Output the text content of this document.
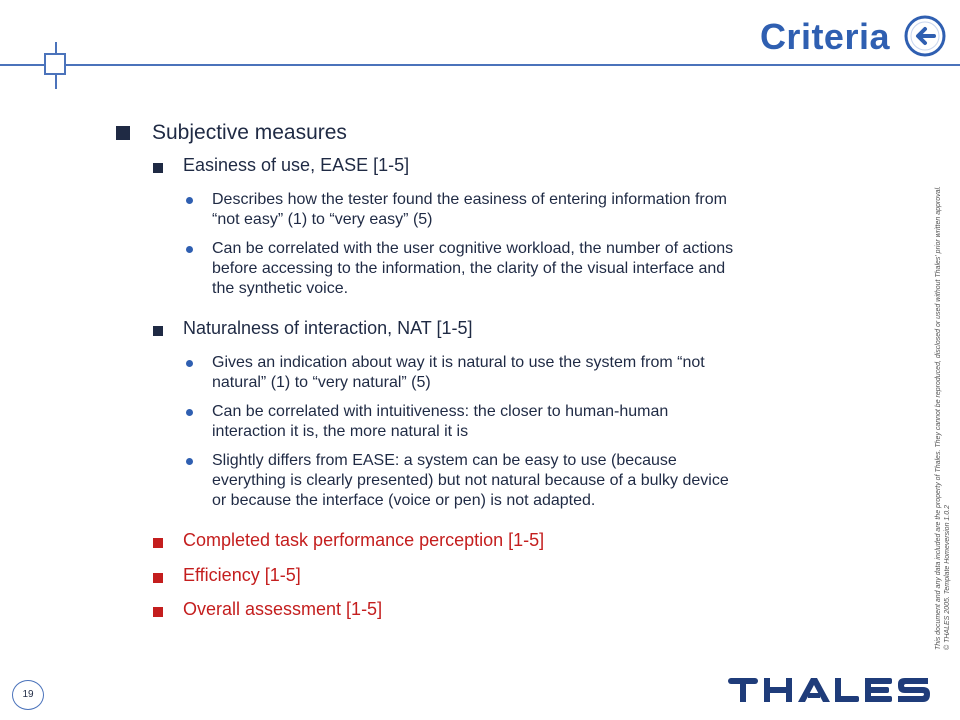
Criteria
Subjective measures
Easiness of use, EASE [1-5]
Describes how the tester found the easiness of entering information from
“not easy” (1) to “very easy” (5)
Can be correlated with the user cognitive workload, the number of actions
before accessing to the information, the clarity of the visual interface and
the synthetic voice.
Naturalness of interaction, NAT [1-5]
Gives an indication about way it is natural to use the system from “not
natural” (1) to “very natural” (5)
Can be correlated with intuitiveness: the closer to human-human
interaction it is, the more natural it is
Slightly differs from EASE: a system can be easy to use (because
everything is clearly presented) but not natural because of a bulky device
or because the interface (voice or pen) is not adapted.
Completed task performance perception [1-5]
Efficiency [1-5]
Overall assessment [1-5]	This document and any data included are the property of Thales. They cannot be reproduced, disclosed or used without Thales' prior written approval. © THALES 2005. Template Homeversion 1.0.2
19
